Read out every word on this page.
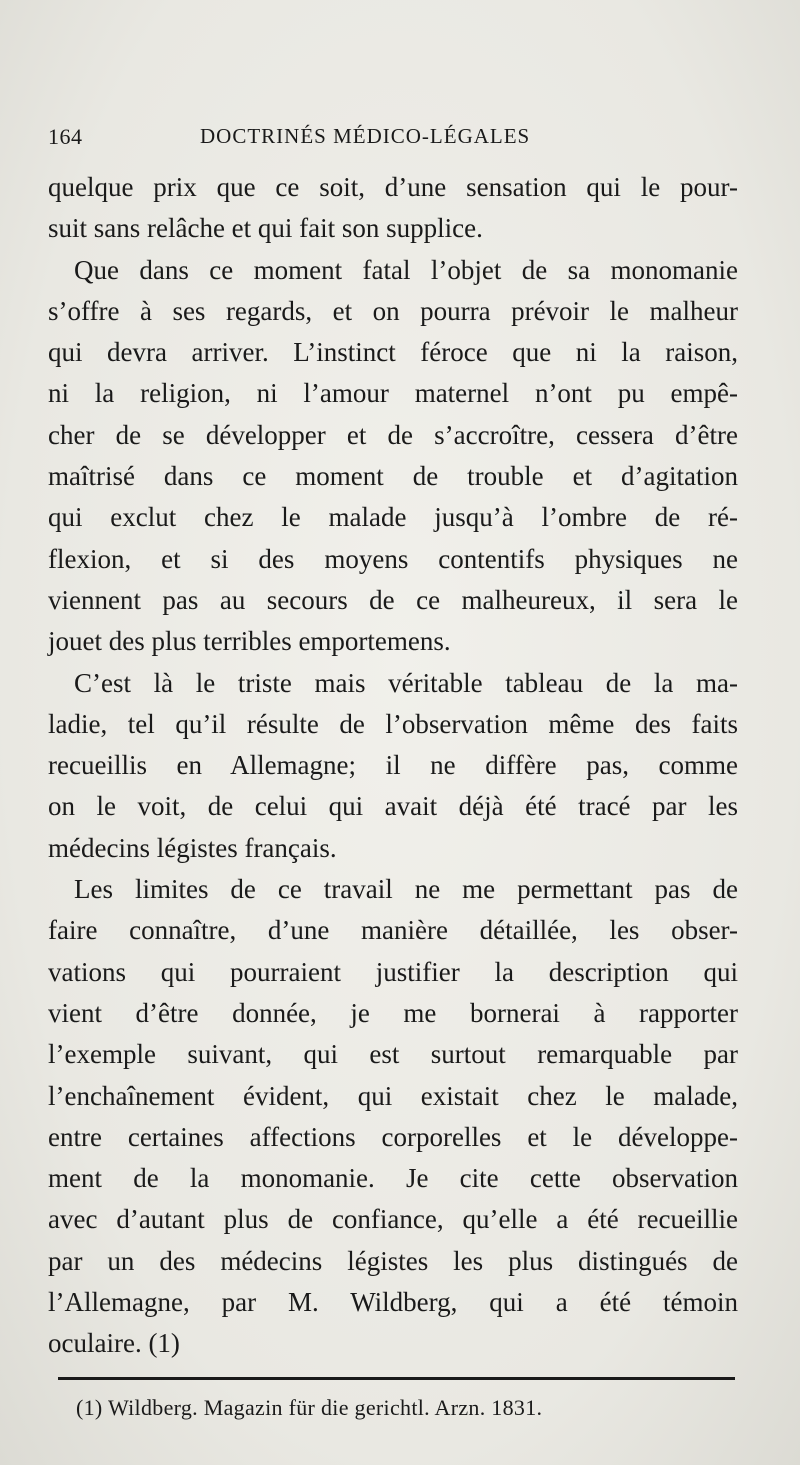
164	DOCTRINÉS MÉDICO-LÉGALES
quelque prix que ce soit, d’une sensation qui le pour-
suit sans relâche et qui fait son supplice.
Que dans ce moment fatal l’objet de sa monomanie
s’offre à ses regards, et on pourra prévoir le malheur
qui devra arriver. L’instinct féroce que ni la raison,
ni la religion, ni l’amour maternel n’ont pu empê-
cher de se développer et de s’accroître, cessera d’être
maîtrisé dans ce moment de trouble et d’agitation
qui exclut chez le malade jusqu’à l’ombre de ré-
flexion, et si des moyens contentifs physiques ne
viennent pas au secours de ce malheureux, il sera le
jouet des plus terribles emportemens.
C’est là le triste mais véritable tableau de la ma-
ladie, tel qu’il résulte de l’observation même des faits
recueillis en Allemagne; il ne diffère pas, comme
on le voit, de celui qui avait déjà été tracé par les
médecins légistes français.
Les limites de ce travail ne me permettant pas de
faire connaître, d’une manière détaillée, les obser-
vations qui pourraient justifier la description qui
vient d’être donnée, je me bornerai à rapporter
l’exemple suivant, qui est surtout remarquable par
l’enchaînement évident, qui existait chez le malade,
entre certaines affections corporelles et le développe-
ment de la monomanie. Je cite cette observation
avec d’autant plus de confiance, qu’elle a été recueillie
par un des médecins légistes les plus distingués de
l’Allemagne, par M. Wildberg, qui a été témoin
oculaire. (1)
(1) Wildberg. Magazin für die gerichtl. Arzn. 1831.
